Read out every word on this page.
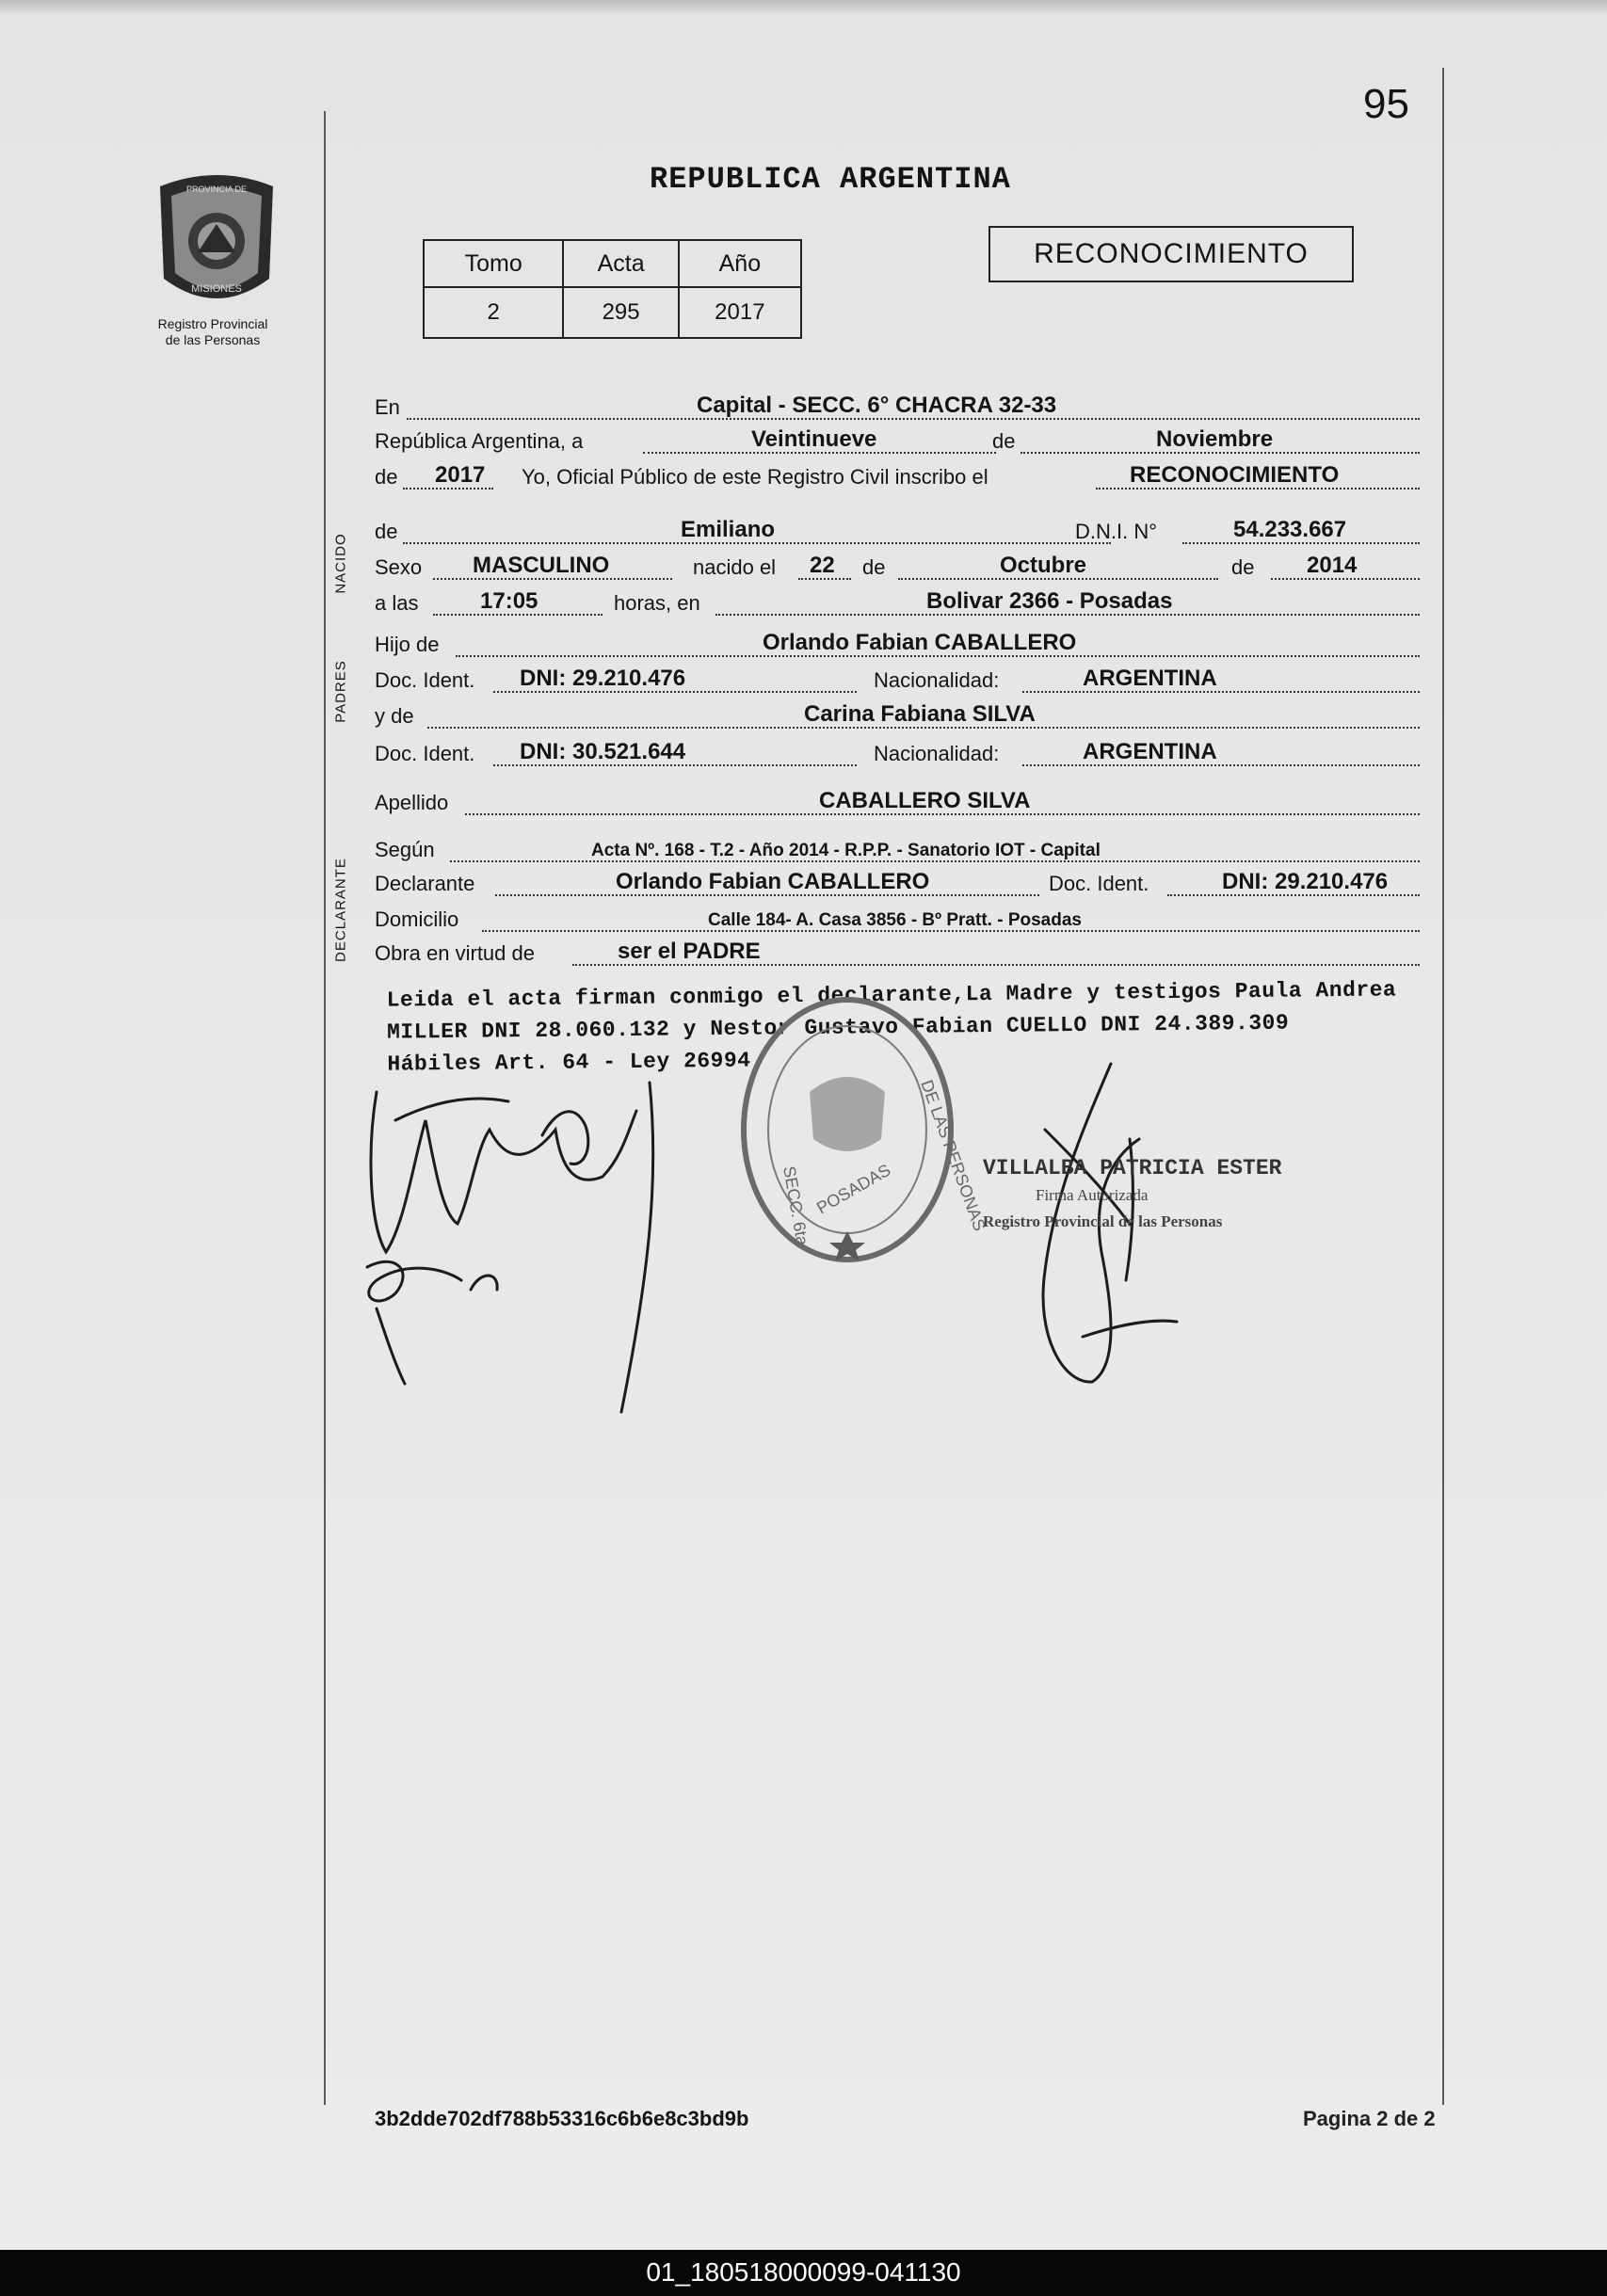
95
REPUBLICA ARGENTINA
PROVINCIA DE
MISIONES
Registro Provincial
de las Personas
Tomo	Acta	Año
2	295	2017
RECONOCIMIENTO
NACIDO
PADRES
DECLARANTE
En	Capital - SECC. 6° CHACRA 32-33
República Argentina, a	Veintinueve	de	Noviembre
de 2017 Yo, Oficial Público de este Registro Civil inscribo el	RECONOCIMIENTO
de	Emiliano	D.N.I. N°	54.233.667
Sexo MASCULINO	nacido el 22 de	Octubre	de 2014
a las	17:05	horas, en	Bolivar 2366 - Posadas
Hijo de	Orlando Fabian CABALLERO
Doc. Ident. DNI: 29.210.476	Nacionalidad:	ARGENTINA
y de	Carina Fabiana SILVA
Doc. Ident. DNI: 30.521.644	Nacionalidad:	ARGENTINA
Apellido	CABALLERO SILVA
Según	Acta Nº. 168 - T.2 - Año 2014 - R.P.P. - Sanatorio IOT - Capital
Declarante	Orlando Fabian CABALLERO	Doc. Ident.	DNI: 29.210.476
Domicilio	Calle 184- A. Casa 3856 - Bº Pratt. - Posadas
Obra en virtud de	ser el PADRE
Leida el acta firman conmigo el declarante,La Madre y testigos Paula Andrea
MILLER DNI 28.060.132 y Nestor Gustavo Fabian CUELLO DNI 24.389.309
Hábiles Art. 64 - Ley 26994
SECC. 6ta POSADAS DE LAS PERSONAS
VILLALBA PATRICIA ESTER
Firma Autorizada
Registro Provincial de las Personas
3b2dde702df788b53316c6b6e8c3bd9b	Pagina 2 de 2
01_180518000099-041130
